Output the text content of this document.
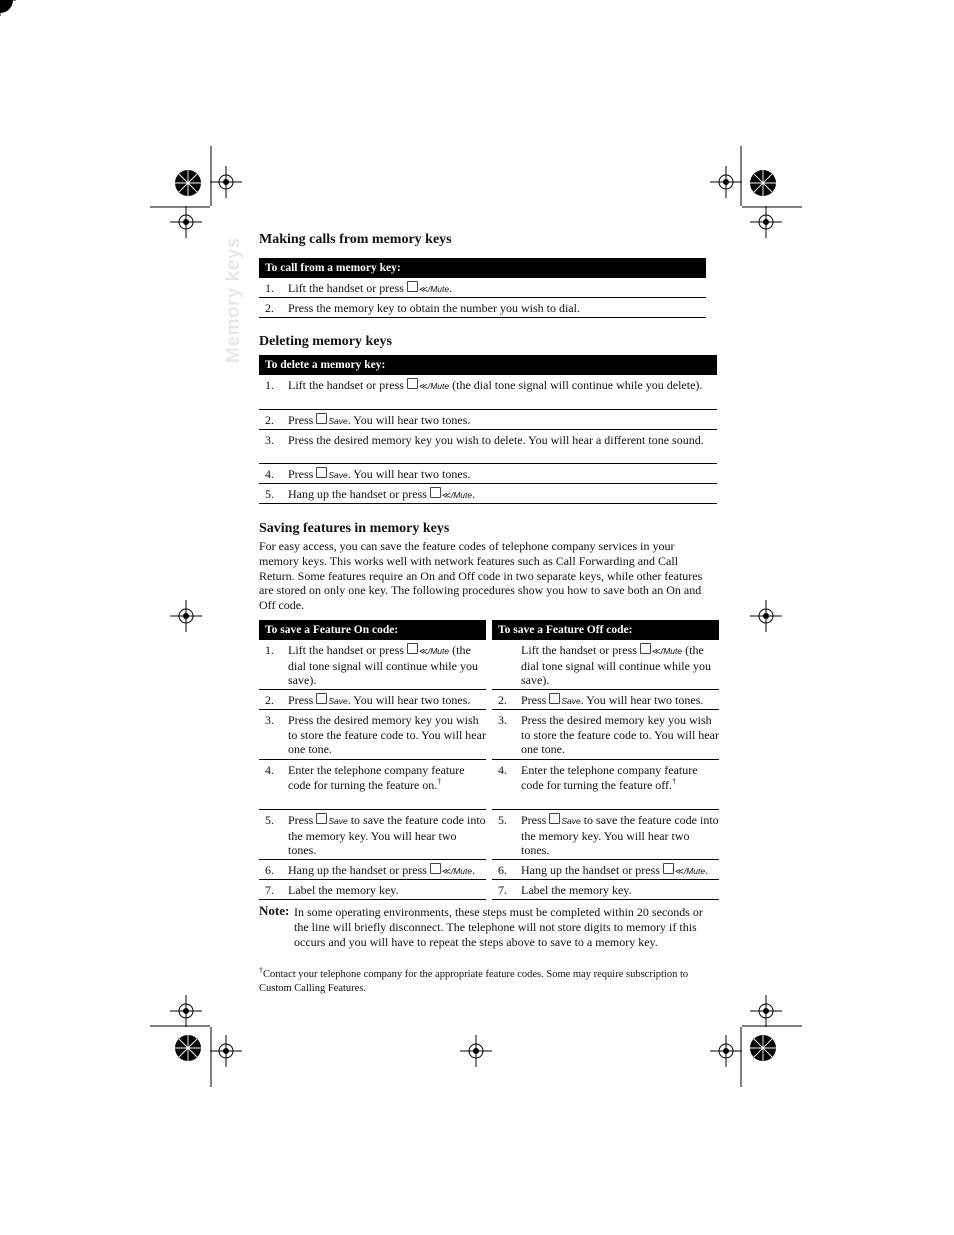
Memory keys Making calls from memory keys
To call from a memory key:
1. Lift the handset or press ≪/Mute.
2. Press the memory key to obtain the number you wish to dial.
Deleting memory keys
To delete a memory key:
1. Lift the handset or press ≪/Mute (the dial tone signal will continue while you delete).
2. Press Save. You will hear two tones.
3. Press the desired memory key you wish to delete. You will hear a different tone sound.
4. Press Save. You will hear two tones.
5. Hang up the handset or press ≪/Mute.
Saving features in memory keys

For easy access, you can save the feature codes of telephone company services in your memory keys. This works well with network features such as Call Forwarding and Call Return. Some features require an On and Off code in two separate keys, while other features are stored on only one key. The following procedures show you how to save both an On and Off code.

To save a Feature On code:
1. Lift the handset or press ≪/Mute (the dial tone signal will continue while you save).
2. Press Save. You will hear two tones.
3. Press the desired memory key you wish to store the feature code to. You will hear one tone.
4. Enter the telephone company feature code for turning the feature on.†
5. Press Save to save the feature code into the memory key. You will hear two tones.
6. Hang up the handset or press ≪/Mute.
7. Label the memory key.
To save a Feature Off code:
Lift the handset or press ≪/Mute (the dial tone signal will continue while you save).
2. Press Save. You will hear two tones.
3. Press the desired memory key you wish to store the feature code to. You will hear one tone.
4. Enter the telephone company feature code for turning the feature off.†
5. Press Save to save the feature code into the memory key. You will hear two tones.
6. Hang up the handset or press ≪/Mute.
7. Label the memory key.
Note: In some operating environments, these steps must be completed within 20 seconds or the line will briefly disconnect. The telephone will not store digits to memory if this occurs and you will have to repeat the steps above to save to a memory key.
†Contact your telephone company for the appropriate feature codes. Some may require subscription to Custom Calling Features.
